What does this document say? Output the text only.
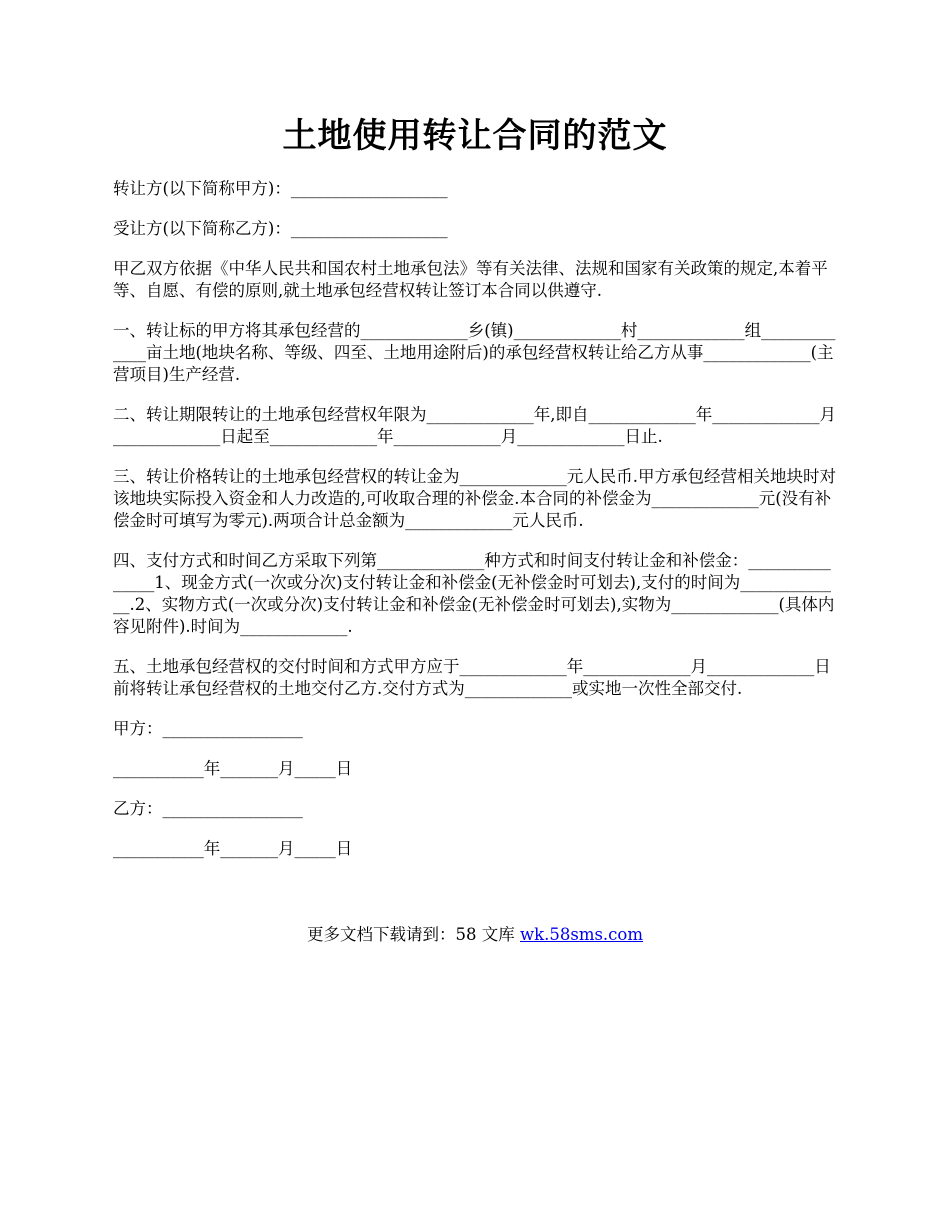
土地使用转让合同的范文

转让方(以下简称甲方)：___________________

受让方(以下简称乙方)：___________________

甲乙双方依据《中华人民共和国农村土地承包法》等有关法律、法规和国家有关政策的规定,本着平等、自愿、有偿的原则,就土地承包经营权转让签订本合同以供遵守.

一、转让标的甲方将其承包经营的_____________乡(镇)_____________村_____________组_____________亩土地(地块名称、等级、四至、土地用途附后)的承包经营权转让给乙方从事_____________(主营项目)生产经营.

二、转让期限转让的土地承包经营权年限为_____________年,即自_____________年_____________月_____________日起至_____________年_____________月_____________日止.

三、转让价格转让的土地承包经营权的转让金为_____________元人民币.甲方承包经营相关地块时对该地块实际投入资金和人力改造的,可收取合理的补偿金.本合同的补偿金为_____________元(没有补偿金时可填写为零元).两项合计总金额为_____________元人民币.

四、支付方式和时间乙方采取下列第_____________种方式和时间支付转让金和补偿金：_______________1、现金方式(一次或分次)支付转让金和补偿金(无补偿金时可划去),支付的时间为_____________.2、实物方式(一次或分次)支付转让金和补偿金(无补偿金时可划去),实物为_____________(具体内容见附件).时间为_____________.

五、土地承包经营权的交付时间和方式甲方应于_____________年_____________月_____________日前将转让承包经营权的土地交付乙方.交付方式为_____________或实地一次性全部交付.

甲方：_________________

___________年_______月_____日

乙方：_________________

___________年_______月_____日

更多文档下载请到：58 文库 wk.58sms.com
